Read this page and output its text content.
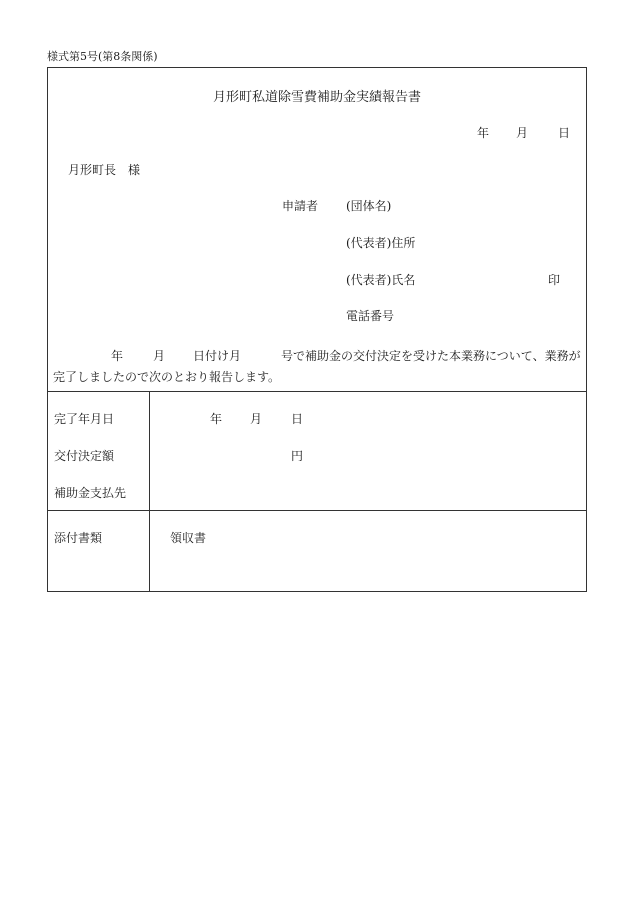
様式第5号(第8条関係)
月形町私道除雪費補助金実績報告書
年 月 日
月形町長　様
申請者 (団体名)
(代表者)住所
(代表者)氏名	印
電話番号
年	月 日付け月	号で補助金の交付決定を受けた本業務について、業務が完了しましたので次のとおり報告します。
完了年月日	年 月 日
交付決定額	円
補助金支払先
添付書類	領収書
